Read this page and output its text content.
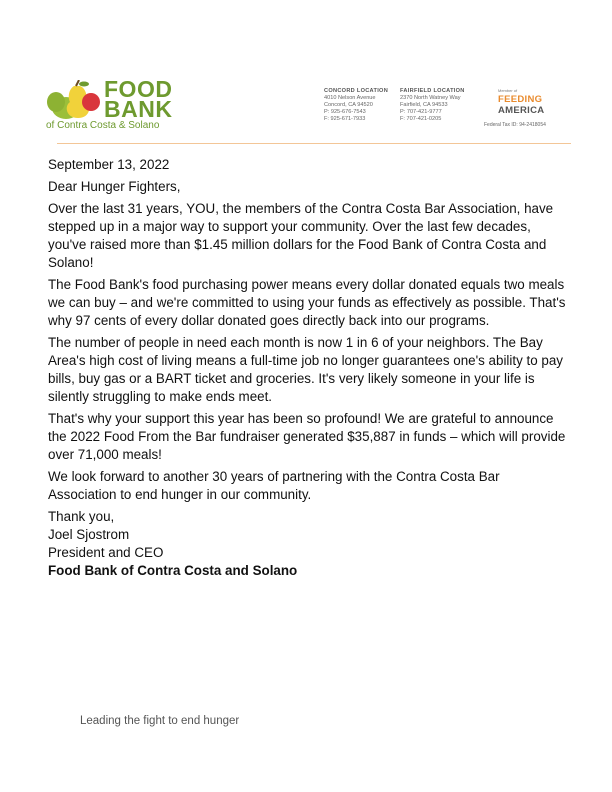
FOOD
BANK
of Contra Costa & Solano
CONCORD LOCATION
4010 Nelson Avenue
Concord, CA 94520
P: 925-676-7543
F: 925-671-7933
FAIRFIELD LOCATION
2370 North Watney Way
Fairfield, CA 94533
P: 707-421-9777
F: 707-421-0205
Member of
FEEDING
AMERICA
Federal Tax ID: 94-2418054

September 13, 2022

Dear Hunger Fighters,

Over the last 31 years, YOU, the members of the Contra Costa Bar Association, have stepped up in a major way to support your community. Over the last few decades, you've raised more than $1.45 million dollars for the Food Bank of Contra Costa and Solano!

The Food Bank's food purchasing power means every dollar donated equals two meals we can buy – and we're committed to using your funds as effectively as possible. That's why 97 cents of every dollar donated goes directly back into our programs.

The number of people in need each month is now 1 in 6 of your neighbors. The Bay Area's high cost of living means a full-time job no longer guarantees one's ability to pay bills, buy gas or a BART ticket and groceries. It's very likely someone in your life is silently struggling to make ends meet.

That's why your support this year has been so profound! We are grateful to announce the 2022 Food From the Bar fundraiser generated $35,887 in funds – which will provide over 71,000 meals!

We look forward to another 30 years of partnering with the Contra Costa Bar Association to end hunger in our community.

Thank you,

Joel Sjostrom

President and CEO

Food Bank of Contra Costa and Solano

Leading the fight to end hunger
